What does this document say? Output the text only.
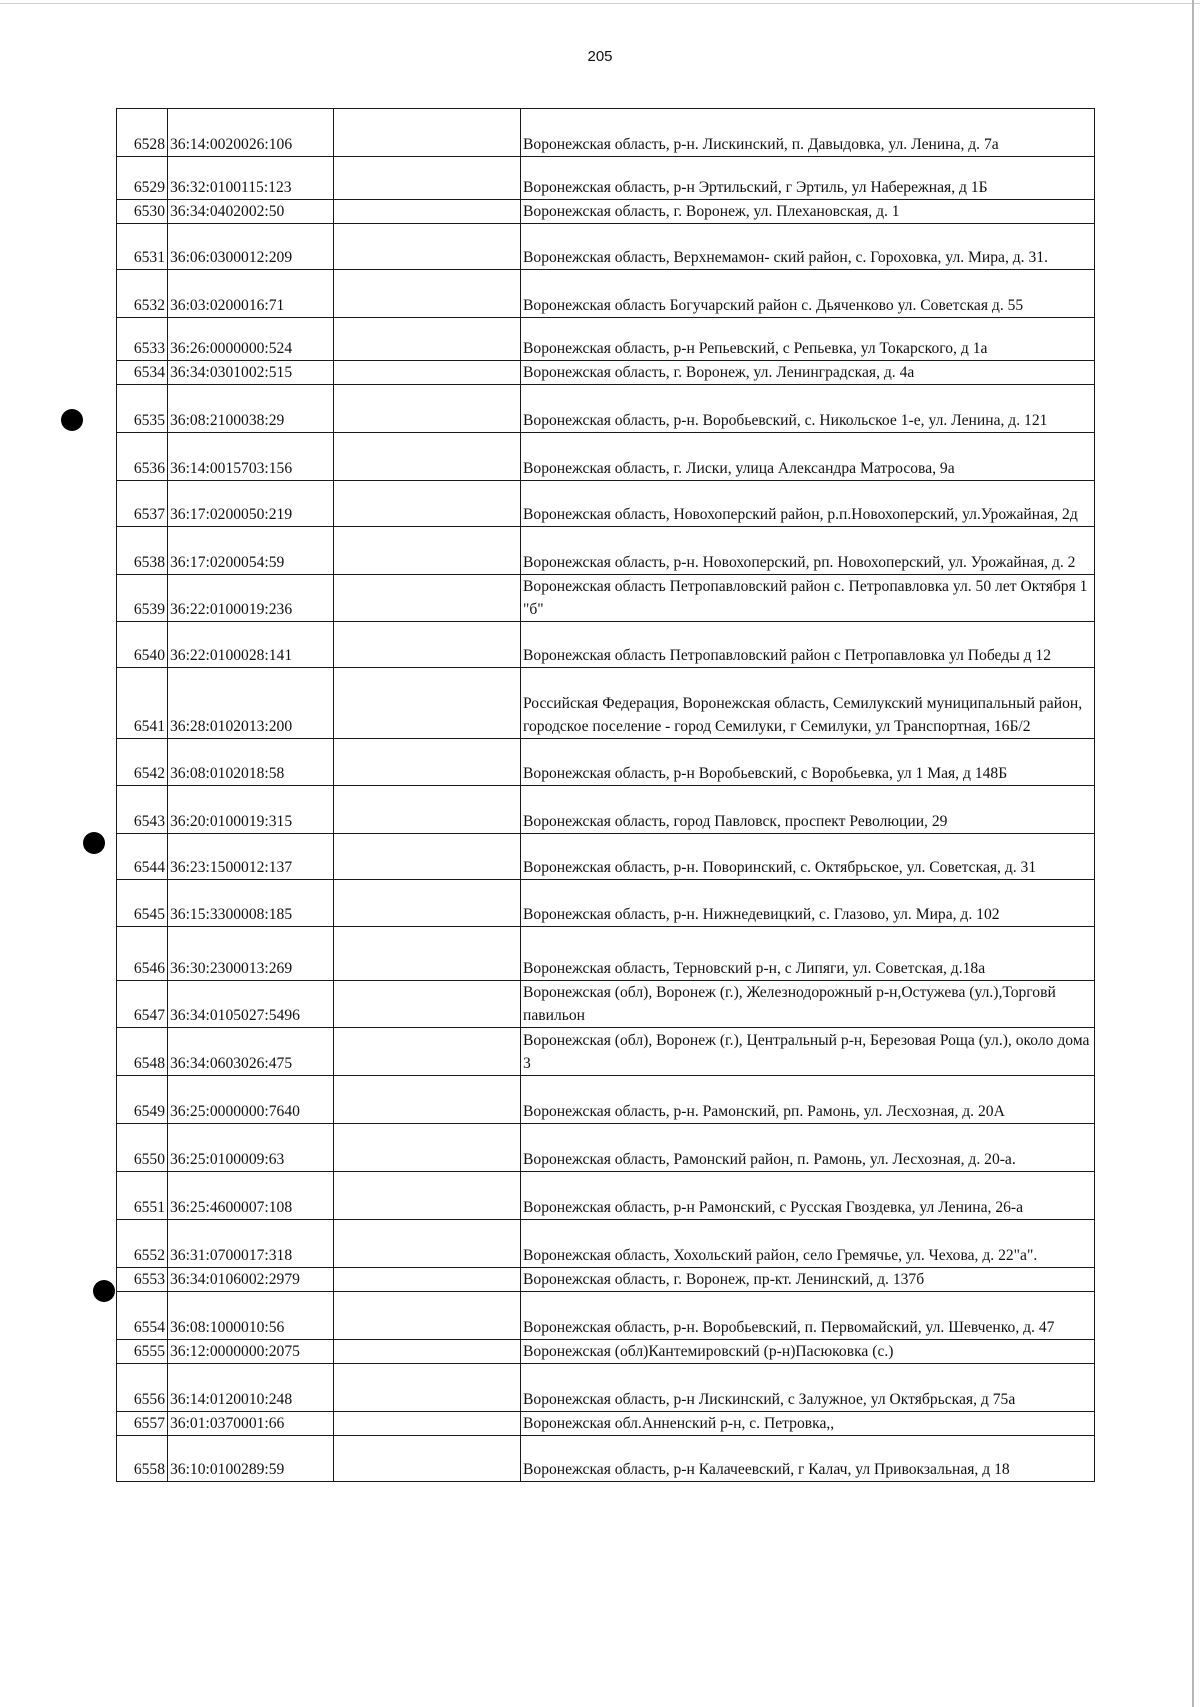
205
6528	36:14:0020026:106		Воронежская область, р-н. Лискинский, п. Давыдовка, ул. Ленина, д. 7а
6529	36:32:0100115:123		Воронежская область, р-н Эртильский, г Эртиль, ул Набережная, д 1Б
6530	36:34:0402002:50		Воронежская область, г. Воронеж, ул. Плехановская, д. 1
6531	36:06:0300012:209		Воронежская область, Верхнемамон- ский район, с. Гороховка, ул. Мира, д. 31.
6532	36:03:0200016:71		Воронежская область Богучарский район с. Дьяченково ул. Советская д. 55
6533	36:26:0000000:524		Воронежская область, р-н Репьевский, с Репьевка, ул Токарского, д 1а
6534	36:34:0301002:515		Воронежская область, г. Воронеж, ул. Ленинградская, д. 4а
6535	36:08:2100038:29		Воронежская область, р-н. Воробьевский, с. Никольское 1-е, ул. Ленина, д. 121
6536	36:14:0015703:156		Воронежская область, г. Лиски, улица Александра Матросова, 9а
6537	36:17:0200050:219		Воронежская область, Новохоперский район, р.п.Новохоперский, ул.Урожайная, 2д
6538	36:17:0200054:59		Воронежская область, р-н. Новохоперский, рп. Новохоперский, ул. Урожайная, д. 2
6539	36:22:0100019:236		Воронежская область Петропавловский район с. Петропавловка ул. 50 лет Октября 1 "б"
6540	36:22:0100028:141		Воронежская область Петропавловский район с Петропавловка ул Победы д 12
6541	36:28:0102013:200		Российская Федерация, Воронежская область, Семилукский муниципальный район, городское поселение - город Семилуки, г Семилуки, ул Транспортная, 16Б/2
6542	36:08:0102018:58		Воронежская область, р-н Воробьевский, с Воробьевка, ул 1 Мая, д 148Б
6543	36:20:0100019:315		Воронежская область, город Павловск, проспект Революции, 29
6544	36:23:1500012:137		Воронежская область, р-н. Поворинский, с. Октябрьское, ул. Советская, д. 31
6545	36:15:3300008:185		Воронежская область, р-н. Нижнедевицкий, с. Глазово, ул. Мира, д. 102
6546	36:30:2300013:269		Воронежская область, Терновский р-н, с Липяги, ул. Советская, д.18а
6547	36:34:0105027:5496		Воронежская (обл), Воронеж (г.), Железнодорожный р-н,Остужева (ул.),Торговй павильон
6548	36:34:0603026:475		Воронежская (обл), Воронеж (г.), Центральный р-н, Березовая Роща (ул.), около дома 3
6549	36:25:0000000:7640		Воронежская область, р-н. Рамонский, рп. Рамонь, ул. Лесхозная, д. 20А
6550	36:25:0100009:63		Воронежская область, Рамонский район, п. Рамонь, ул. Лесхозная, д. 20-а.
6551	36:25:4600007:108		Воронежская область, р-н Рамонский, с Русская Гвоздевка, ул Ленина, 26-а
6552	36:31:0700017:318		Воронежская область, Хохольский район, село Гремячье, ул. Чехова, д. 22"а".
6553	36:34:0106002:2979		Воронежская область, г. Воронеж, пр-кт. Ленинский, д. 137б
6554	36:08:1000010:56		Воронежская область, р-н. Воробьевский, п. Первомайский, ул. Шевченко, д. 47
6555	36:12:0000000:2075		Воронежская (обл)Кантемировский (р-н)Пасюковка (с.)
6556	36:14:0120010:248		Воронежская область, р-н Лискинский, с Залужное, ул Октябрьская, д 75а
6557	36:01:0370001:66		Воронежская обл.Анненский р-н, с. Петровка,,
6558	36:10:0100289:59		Воронежская область, р-н Калачеевский, г Калач, ул Привокзальная, д 18
